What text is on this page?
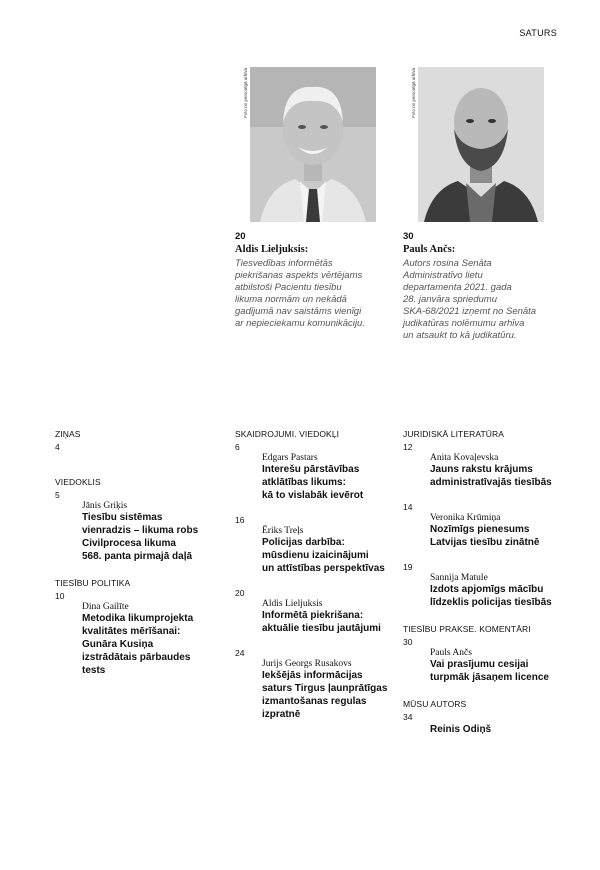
SATURS
Foto no personīgā arhīva	Foto no personīgā arhīva
20
Aldis Lieljuksis:
Tiesvedības informētās
piekrišanas aspekts vērtējams
atbilstoši Pacientu tiesību
likuma normām un nekādā
gadījumā nav saistāms vienīgi
ar nepieciekamu komunikāciju.
30
Pauls Ančs:
Autors rosina Senāta
Administratīvo lietu
departamenta 2021. gada
28. janvāra spriedumu
SKA-68/2021 izņemt no Senāta
judikatūras nolēmumu arhīva
un atsaukt to kā judikatūru.
ZIŅAS
4
VIEDOKLIS
5
Jānis Griķis
Tiesību sistēmas
vienradzis – likuma robs
Civilprocesa likuma
568. panta pirmajā daļā
TIESĪBU POLITIKA
10
Dina Gailīte
Metodika likumprojekta
kvalitātes mērīšanai:
Gunāra Kusiņa
izstrādātais pārbaudes
tests
SKAIDROJUMI. VIEDOKĻI
6
Edgars Pastars
Interešu pārstāvības
atklātības likums:
kā to vislabāk ievērot
16
Ēriks Treļs
Policijas darbība:
mūsdienu izaicinājumi
un attīstības perspektīvas
20
Aldis Lieljuksis
Informētā piekrišana:
aktuālie tiesību jautājumi
24
Jurijs Georgs Rusakovs
Iekšējās informācijas
saturs Tirgus ļaunprātīgas
izmantošanas regulas
izpratnē
JURIDISKĀ LITERATŪRA
12
Anita Kovaļevska
Jauns rakstu krājums
administratīvajās tiesībās
14
Veronika Krūmiņa
Nozīmīgs pienesums
Latvijas tiesību zinātnē
19
Sannija Matule
Izdots apjomīgs mācību
līdzeklis policijas tiesībās
TIESĪBU PRAKSE. KOMENTĀRI
30
Pauls Ančs
Vai prasījumu cesijai
turpmāk jāsaņem licence
MŪSU AUTORS
34
Reinis Odiņš
